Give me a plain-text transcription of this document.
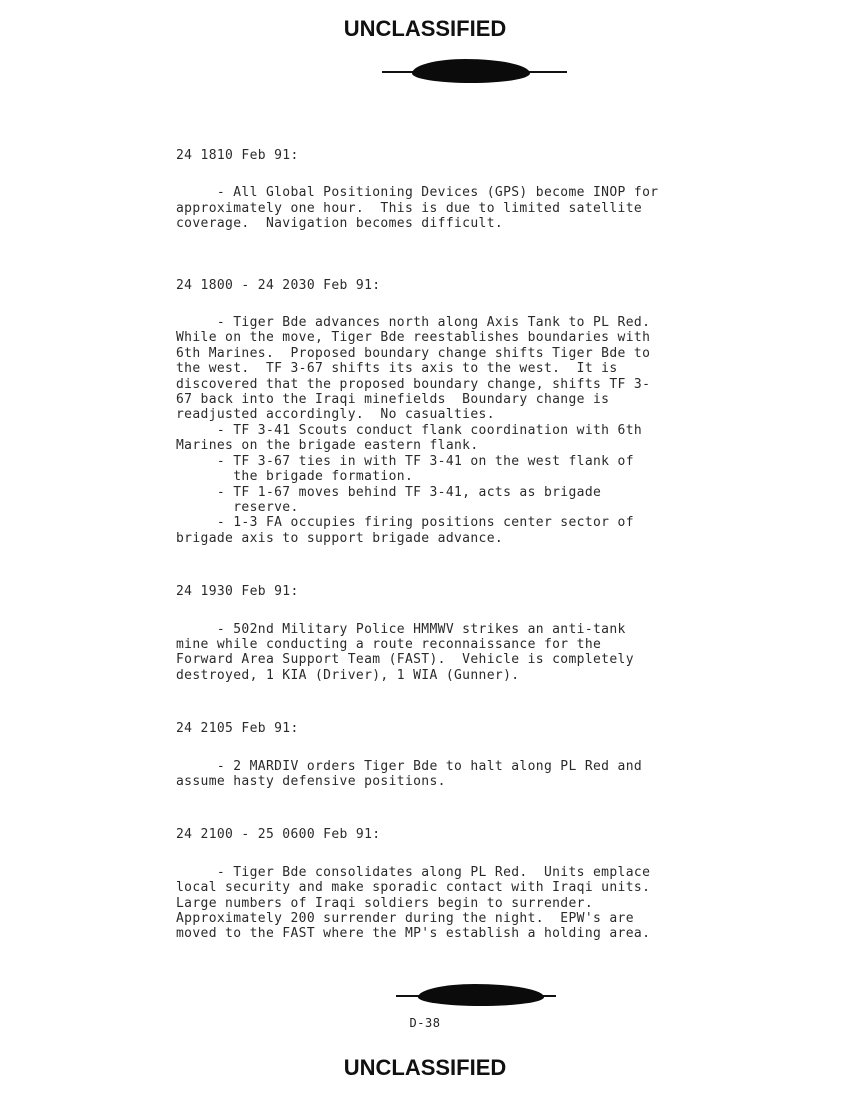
UNCLASSIFIED
24 1810 Feb 91:
- All Global Positioning Devices (GPS) become INOP for
approximately one hour.  This is due to limited satellite
coverage.  Navigation becomes difficult.
24 1800 - 24 2030 Feb 91:
- Tiger Bde advances north along Axis Tank to PL Red.
While on the move, Tiger Bde reestablishes boundaries with
6th Marines.  Proposed boundary change shifts Tiger Bde to
the west.  TF 3-67 shifts its axis to the west.  It is
discovered that the proposed boundary change, shifts TF 3-
67 back into the Iraqi minefields  Boundary change is
readjusted accordingly.  No casualties.
- TF 3-41 Scouts conduct flank coordination with 6th
Marines on the brigade eastern flank.
- TF 3-67 ties in with TF 3-41 on the west flank of
the brigade formation.
- TF 1-67 moves behind TF 3-41, acts as brigade
reserve.
- 1-3 FA occupies firing positions center sector of
brigade axis to support brigade advance.
24 1930 Feb 91:
- 502nd Military Police HMMWV strikes an anti-tank
mine while conducting a route reconnaissance for the
Forward Area Support Team (FAST).  Vehicle is completely
destroyed, 1 KIA (Driver), 1 WIA (Gunner).
24 2105 Feb 91:
- 2 MARDIV orders Tiger Bde to halt along PL Red and
assume hasty defensive positions.
24 2100 - 25 0600 Feb 91:
- Tiger Bde consolidates along PL Red.  Units emplace
local security and make sporadic contact with Iraqi units.
Large numbers of Iraqi soldiers begin to surrender.
Approximately 200 surrender during the night.  EPW's are
moved to the FAST where the MP's establish a holding area.
D-38
UNCLASSIFIED
